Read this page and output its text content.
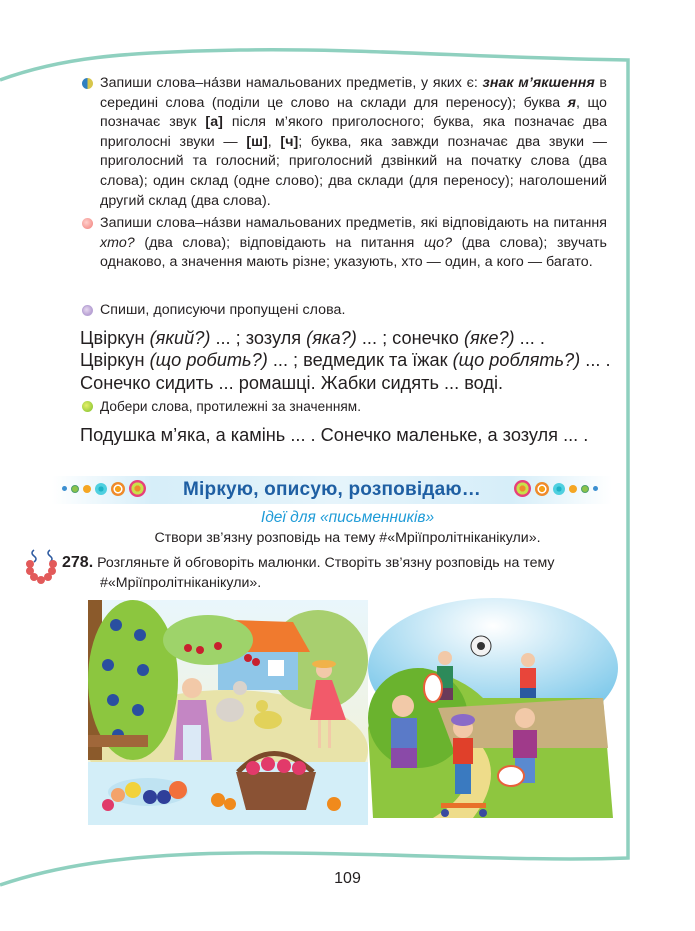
Запиши слова–на́зви намальованих предметів, у яких є: знак м’якшення в середині слова (поділи це слово на склади для переносу); буква я, що позначає звук [а] після м’якого приголосного; буква, яка позначає два приголосні звуки — [ш], [ч]; буква, яка завжди позначає два звуки — приголосний та голосний; приголосний дзвінкий на початку слова (два слова); один склад (одне слово); два склади (для переносу); наголошений другий склад (два слова).
Запиши слова–на́зви намальованих предметів, які відповідають на питання хто? (два слова); відповідають на питання що? (два слова); звучать однаково, а значення мають різне; указують, хто — один, а кого — багато.
Спиши, дописуючи пропущені слова.
Цвіркун (який?) ... ; зозуля (яка?) ... ; сонечко (яке?) ... .
Цвіркун (що робить?) ... ; ведмедик та їжак (що роблять?) ... .
Сонечко сидить ... ромашці. Жабки сидять ... воді.
Добери слова, протилежні за значенням.
Подушка м’яка, а камінь ... . Сонечко маленьке, а зозуля ... .
Міркую, описую, розповідаю…
Ідеї для «письменників»
Створи зв’язну розповідь на тему #«Мріїпролітніканікули».
278. Розгляньте й обговоріть малюнки. Створіть зв’язну розповідь на тему
#«Мріїпролітніканікули».
109
